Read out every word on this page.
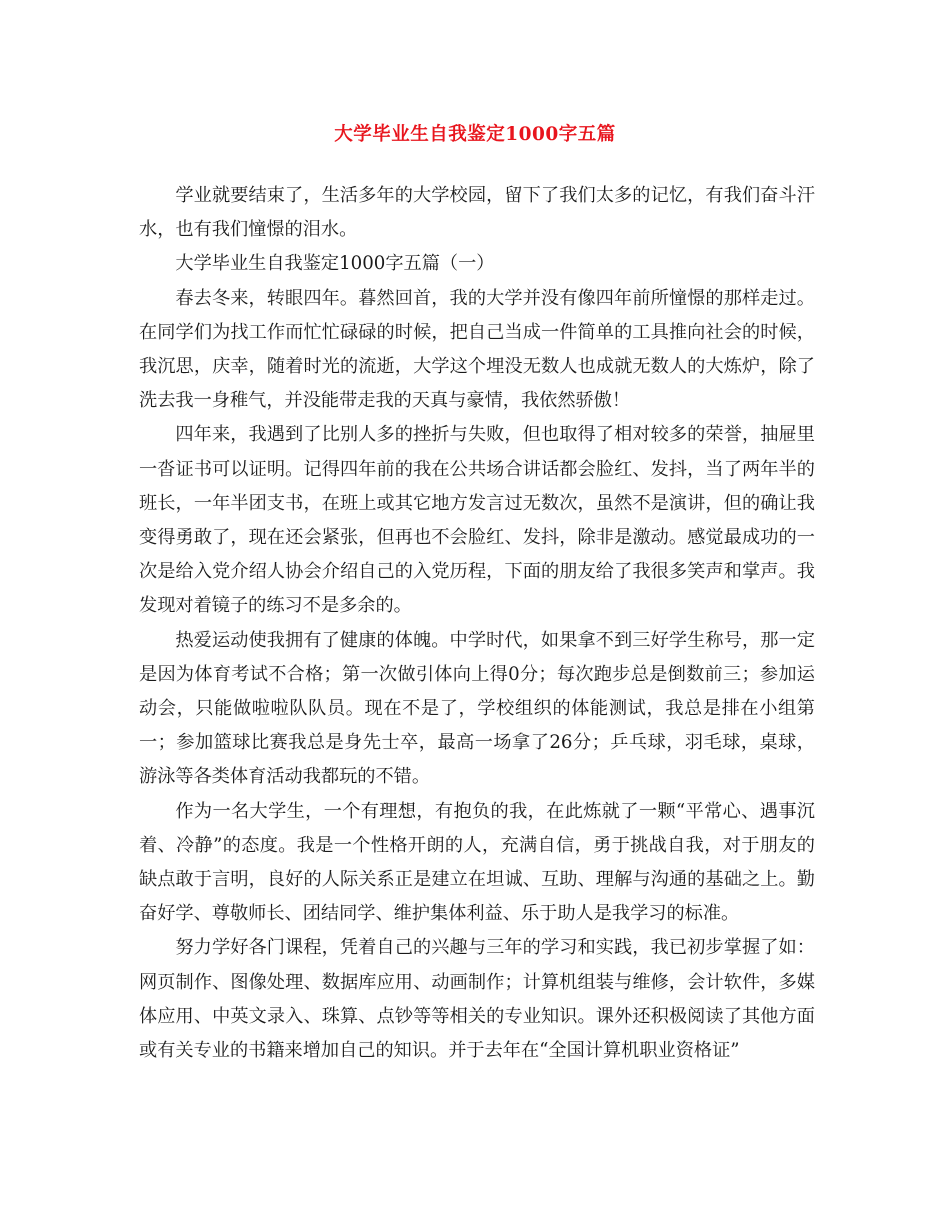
大学毕业生自我鉴定1000字五篇

学业就要结束了，生活多年的大学校园，留下了我们太多的记忆，有我们奋斗汗水，也有我们憧憬的泪水。

大学毕业生自我鉴定1000字五篇（一）

春去冬来，转眼四年。暮然回首，我的大学并没有像四年前所憧憬的那样走过。在同学们为找工作而忙忙碌碌的时候，把自己当成一件简单的工具推向社会的时候，我沉思，庆幸，随着时光的流逝，大学这个埋没无数人也成就无数人的大炼炉，除了洗去我一身稚气，并没能带走我的天真与豪情，我依然骄傲！

四年来，我遇到了比别人多的挫折与失败，但也取得了相对较多的荣誉，抽屉里一沓证书可以证明。记得四年前的我在公共场合讲话都会脸红、发抖，当了两年半的班长，一年半团支书，在班上或其它地方发言过无数次，虽然不是演讲，但的确让我变得勇敢了，现在还会紧张，但再也不会脸红、发抖，除非是激动。感觉最成功的一次是给入党介绍人协会介绍自己的入党历程，下面的朋友给了我很多笑声和掌声。我发现对着镜子的练习不是多余的。

热爱运动使我拥有了健康的体魄。中学时代，如果拿不到三好学生称号，那一定是因为体育考试不合格；第一次做引体向上得0分；每次跑步总是倒数前三；参加运动会，只能做啦啦队队员。现在不是了，学校组织的体能测试，我总是排在小组第一；参加篮球比赛我总是身先士卒，最高一场拿了26分；乒乓球，羽毛球，桌球，游泳等各类体育活动我都玩的不错。

作为一名大学生，一个有理想，有抱负的我，在此炼就了一颗“平常心、遇事沉着、冷静”的态度。我是一个性格开朗的人，充满自信，勇于挑战自我，对于朋友的缺点敢于言明，良好的人际关系正是建立在坦诚、互助、理解与沟通的基础之上。勤奋好学、尊敬师长、团结同学、维护集体利益、乐于助人是我学习的标准。

努力学好各门课程，凭着自己的兴趣与三年的学习和实践，我已初步掌握了如：网页制作、图像处理、数据库应用、动画制作；计算机组装与维修，会计软件，多媒体应用、中英文录入、珠算、点钞等等相关的专业知识。课外还积极阅读了其他方面或有关专业的书籍来增加自己的知识。并于去年在“全国计算机职业资格证”
